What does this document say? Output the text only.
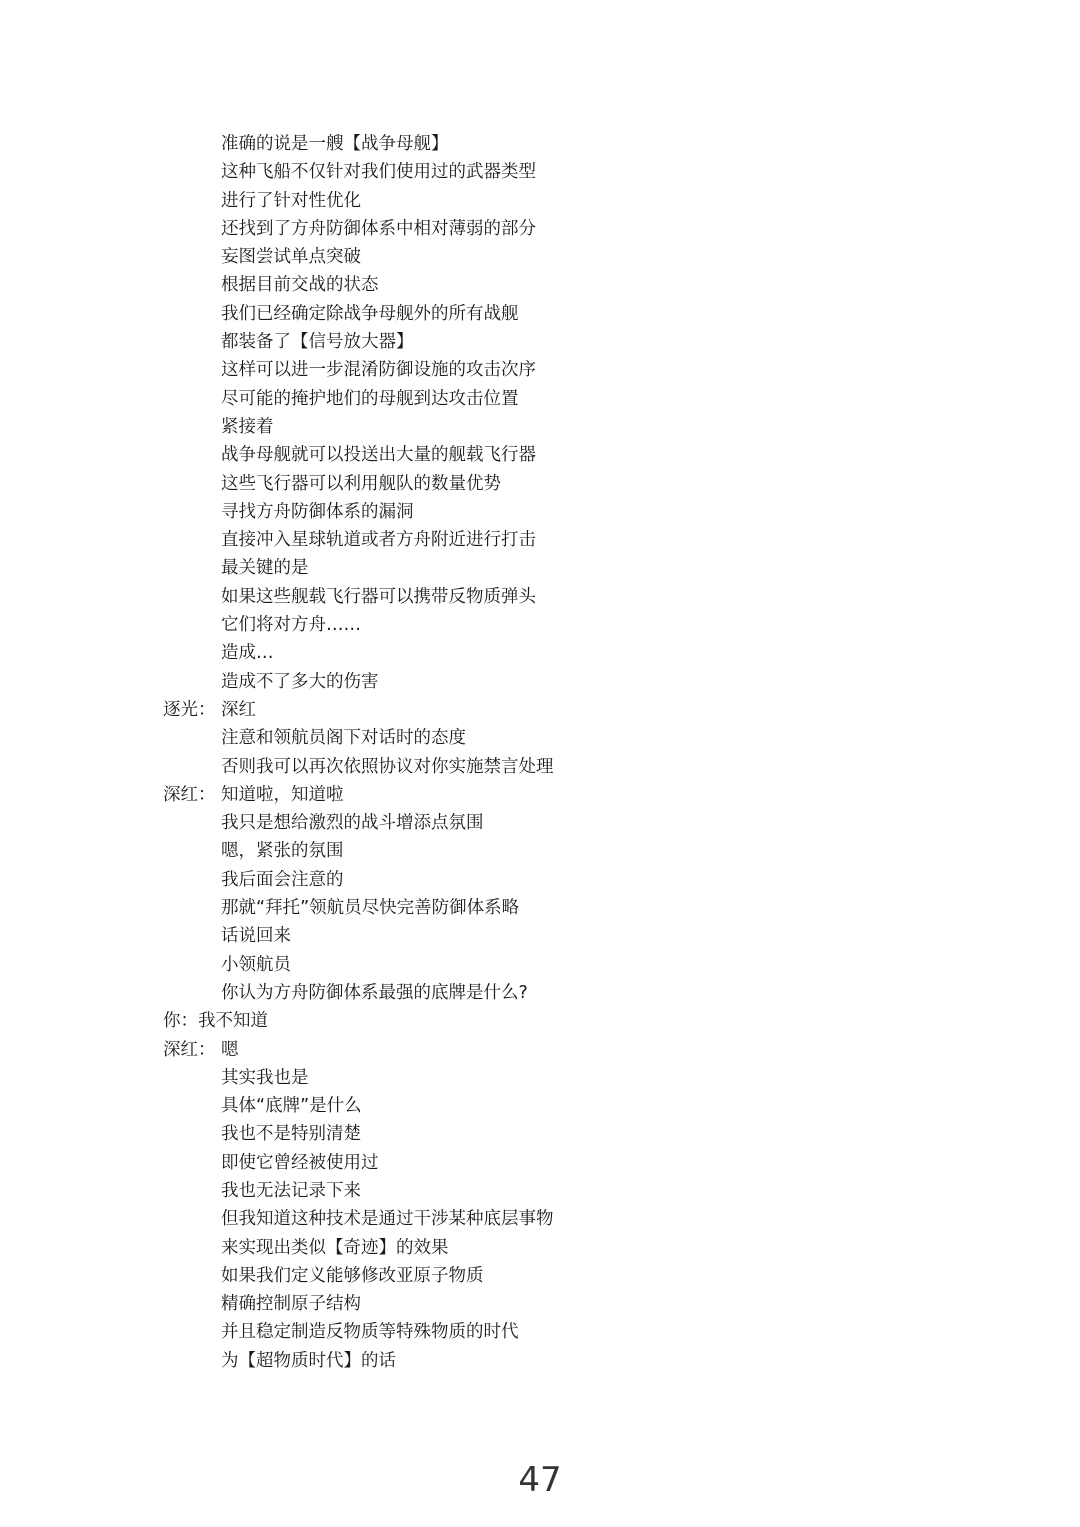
准确的说是一艘【战争母舰】
这种飞船不仅针对我们使用过的武器类型
进行了针对性优化
还找到了方舟防御体系中相对薄弱的部分
妄图尝试单点突破
根据目前交战的状态
我们已经确定除战争母舰外的所有战舰
都装备了【信号放大器】
这样可以进一步混淆防御设施的攻击次序
尽可能的掩护地们的母舰到达攻击位置
紧接着
战争母舰就可以投送出大量的舰载飞行器
这些飞行器可以利用舰队的数量优势
寻找方舟防御体系的漏洞
直接冲入星球轨道或者方舟附近进行打击
最关键的是
如果这些舰载飞行器可以携带反物质弹头
它们将对方舟……
造成…
造成不了多大的伤害
逐光： 深红
注意和领航员阁下对话时的态度
否则我可以再次依照协议对你实施禁言处理
深红： 知道啦，知道啦
我只是想给激烈的战斗增添点氛围
嗯，紧张的氛围
我后面会注意的
那就“拜托”领航员尽快完善防御体系略
话说回来
小领航员
你认为方舟防御体系最强的底牌是什么?
你：我不知道
深红： 嗯
其实我也是
具体“底牌”是什么
我也不是特别清楚
即使它曾经被使用过
我也无法记录下来
但我知道这种技术是通过干涉某种底层事物
来实现出类似【奇迹】的效果
如果我们定义能够修改亚原子物质
精确控制原子结构
并且稳定制造反物质等特殊物质的时代
为【超物质时代】的话
47
